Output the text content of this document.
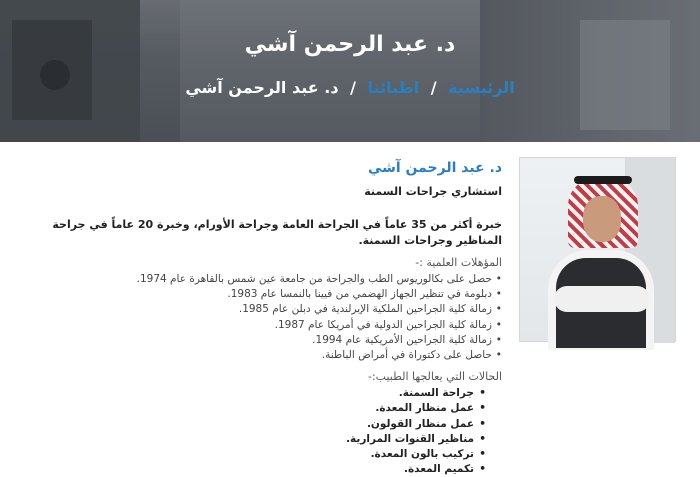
د. عبد الرحمن آشي
الرئيسية / اطبائنا / د. عبد الرحمن آشي
د. عبد الرحمن آشي
استشاري جراحات السمنة

خبرة أكثر من 35 عاماً في الجراحة العامة وجراحة الأورام، وخبرة 20 عاماً في جراحة المناظير وجراحات السمنة.

المؤهلات العلمية :-
• حصل على بكالوريوس الطب والجراحة من جامعة عين شمس بالقاهرة عام 1974.
• دبلومة في تنظير الجهاز الهضمي من فيينا بالنمسا عام 1983.
• زمالة كلية الجراحين الملكية الإيرلندية في دبلن عام 1985.
• زمالة كلية الجراحين الدولية في أمريكا عام 1987.
• زمالة كلية الجراحين الأمريكية عام 1994.
• حاصل على دكتوراة في أمراض الباطنة.
الحالات التي يعالجها الطبيب:-
• جراحة السمنة.
• عمل منظار المعدة.
• عمل منظار القولون.
• مناظير القنوات المرارية.
• تركيب بالون المعدة.
• تكميم المعدة.
